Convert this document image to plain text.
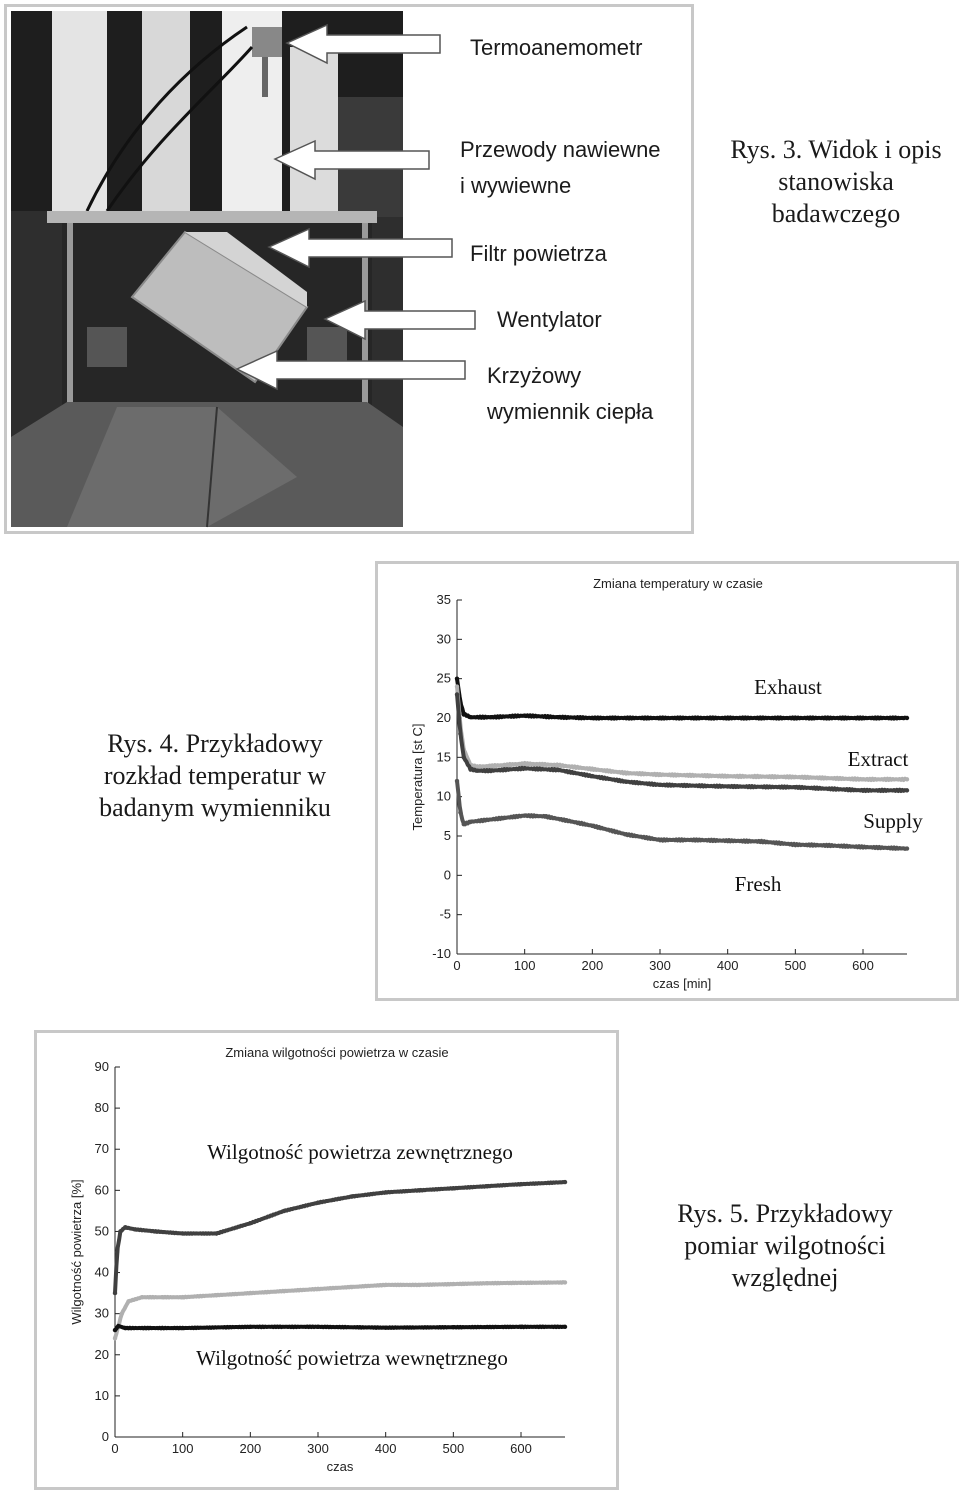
Termoanemometr
Przewody nawiewne
i wywiewne
Filtr powietrza
Wentylator
Krzyżowy
wymiennik ciepła
Rys. 3. Widok i opis
stanowiska
badawczego
Rys. 4. Przykładowy
rozkład temperatur w
badanym wymienniku
-10
-5
0
5
10
15
20
25
30
35
0	100	200	300	400	500	600
Zmiana temperatury w czasie
czas [min]
Temperatura [st C]
Exhaust
Extract
Supply
Fresh
0
10
20
30
40
50
60
70
80
90
0	100	200	300	400	500	600
Zmiana wilgotności powietrza w czasie
czas
Wilgotność powietrza [%]
Wilgotność powietrza zewnętrznego
Wilgotność powietrza wewnętrznego
Rys. 5. Przykładowy
pomiar wilgotności
względnej
